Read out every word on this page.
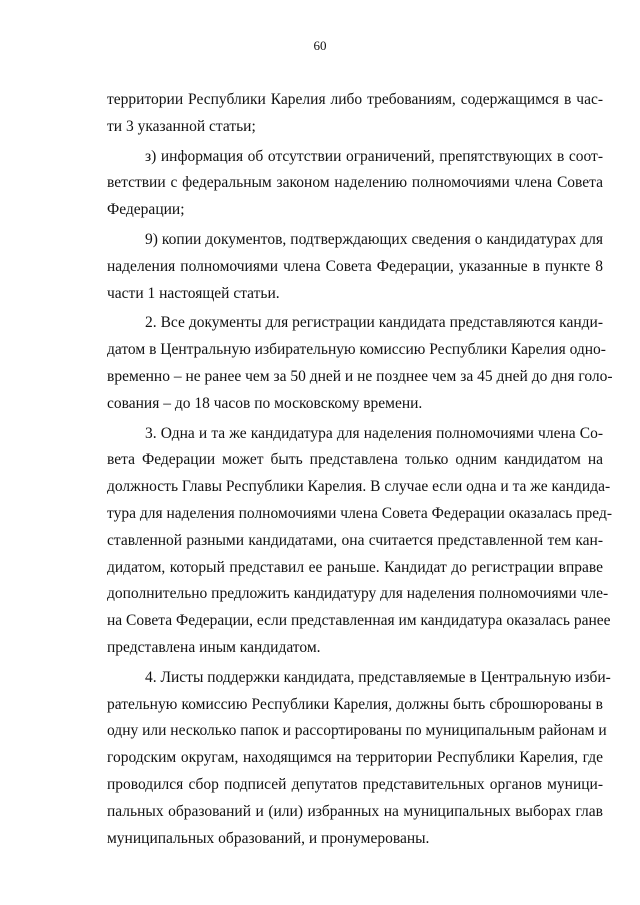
60
территории Республики Карелия либо требованиям, содержащимся в час-
ти 3 указанной статьи;
з) информация об отсутствии ограничений, препятствующих в соот-
ветствии с федеральным законом наделению полномочиями члена Совета
Федерации;
9) копии документов, подтверждающих сведения о кандидатурах для
наделения полномочиями члена Совета Федерации, указанные в пункте 8
части 1 настоящей статьи.
2. Все документы для регистрации кандидата представляются канди-
датом в Центральную избирательную комиссию Республики Карелия одно-
временно – не ранее чем за 50 дней и не позднее чем за 45 дней до дня голо-
сования – до 18 часов по московскому времени.
3. Одна и та же кандидатура для наделения полномочиями члена Со-
вета Федерации может быть представлена только одним кандидатом на
должность Главы Республики Карелия. В случае если одна и та же кандида-
тура для наделения полномочиями члена Совета Федерации оказалась пред-
ставленной разными кандидатами, она считается представленной тем кан-
дидатом, который представил ее раньше. Кандидат до регистрации вправе
дополнительно предложить кандидатуру для наделения полномочиями чле-
на Совета Федерации, если представленная им кандидатура оказалась ранее
представлена иным кандидатом.
4. Листы поддержки кандидата, представляемые в Центральную изби-
рательную комиссию Республики Карелия, должны быть сброшюрованы в
одну или несколько папок и рассортированы по муниципальным районам и
городским округам, находящимся на территории Республики Карелия, где
проводился сбор подписей депутатов представительных органов муници-
пальных образований и (или) избранных на муниципальных выборах глав
муниципальных образований, и пронумерованы.
